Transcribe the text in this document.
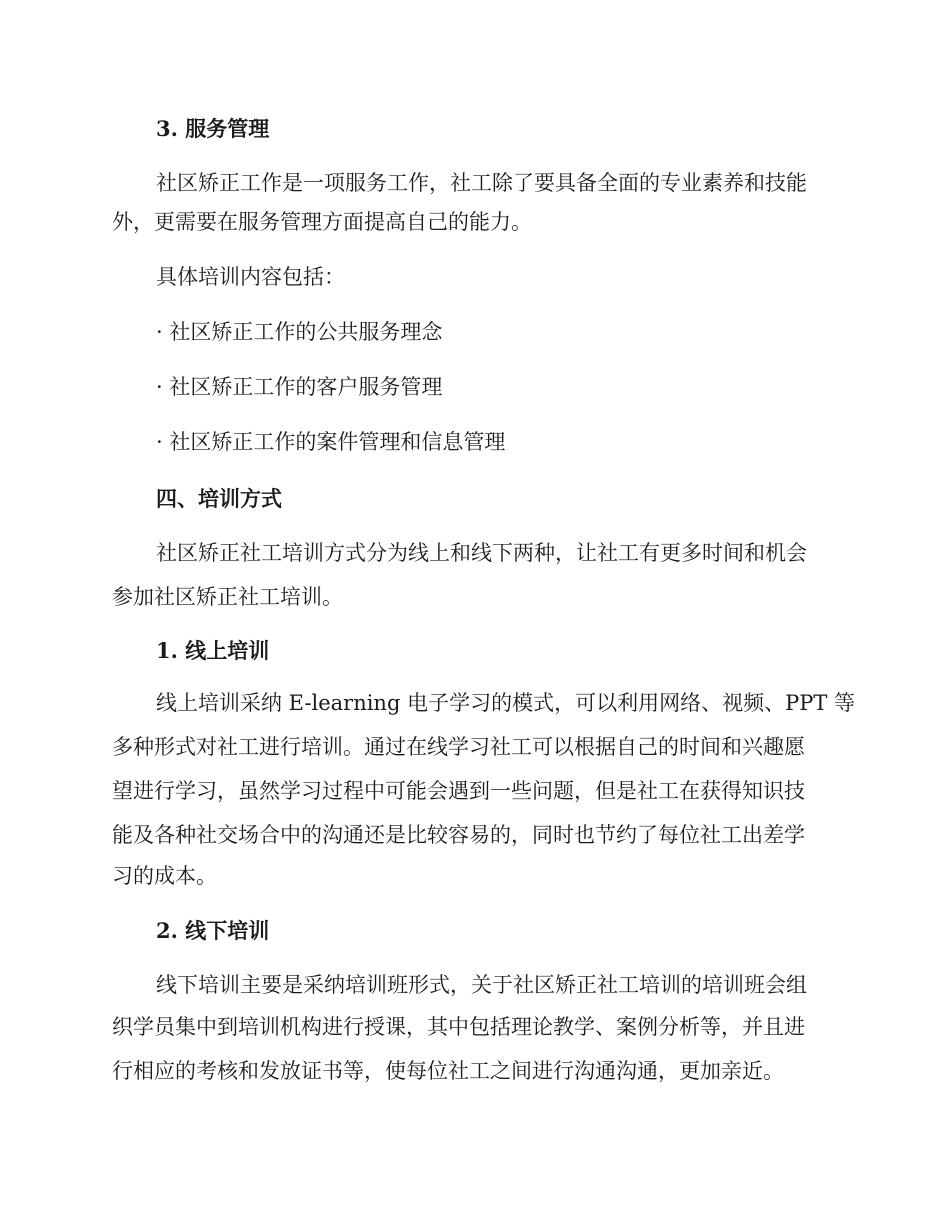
3. 服务管理
社区矫正工作是一项服务工作，社工除了要具备全面的专业素养和技能
外，更需要在服务管理方面提高自己的能力。
具体培训内容包括：
· 社区矫正工作的公共服务理念
· 社区矫正工作的客户服务管理
· 社区矫正工作的案件管理和信息管理
四、培训方式
社区矫正社工培训方式分为线上和线下两种，让社工有更多时间和机会
参加社区矫正社工培训。
1. 线上培训
线上培训采纳 E-learning 电子学习的模式，可以利用网络、视频、PPT 等
多种形式对社工进行培训。通过在线学习社工可以根据自己的时间和兴趣愿
望进行学习，虽然学习过程中可能会遇到一些问题，但是社工在获得知识技
能及各种社交场合中的沟通还是比较容易的，同时也节约了每位社工出差学
习的成本。
2. 线下培训
线下培训主要是采纳培训班形式，关于社区矫正社工培训的培训班会组
织学员集中到培训机构进行授课，其中包括理论教学、案例分析等，并且进
行相应的考核和发放证书等，使每位社工之间进行沟通沟通，更加亲近。
